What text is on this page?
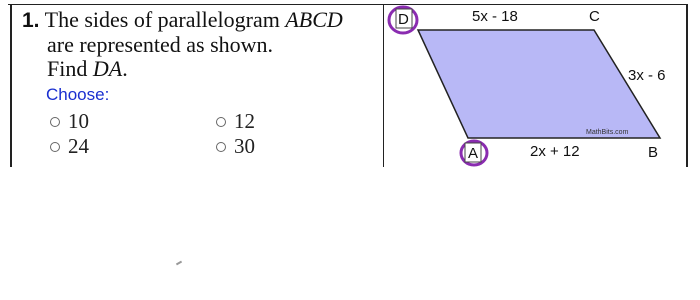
1. The sides of parallelogram ABCD
are represented as shown.
Find DA.
Choose:
10	12
24	30
D
A
C
B
5x - 18
3x - 6
2x + 12
MathBits.com
